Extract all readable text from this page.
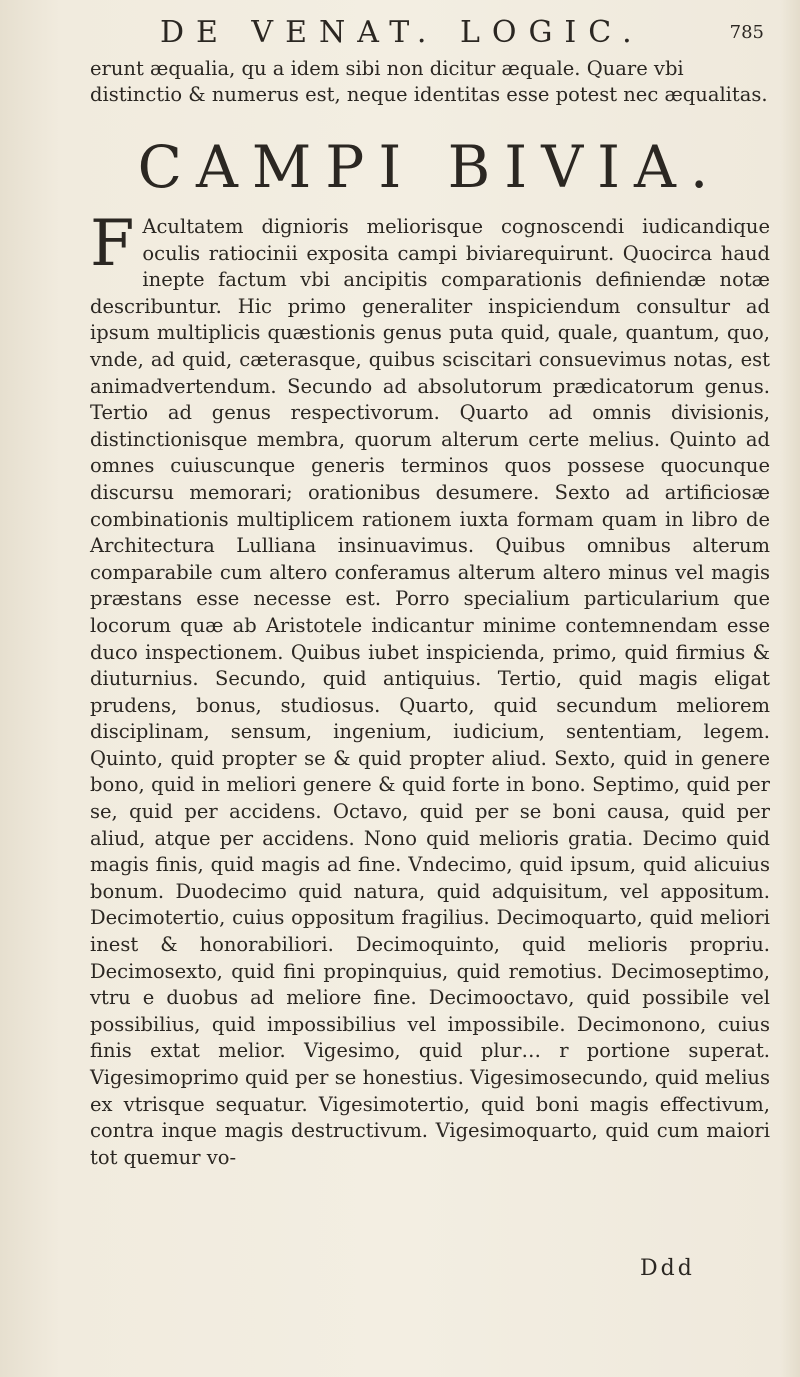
DE VENAT. LOGIC.	785

erunt æqualia, qu a idem sibi non dicitur æquale. Quare vbi distinctio & numerus est, neque identitas esse potest nec æqualitas.

CAMPI BIVIA.

F Acultatem dignioris meliorisque cognoscendi iudicandique oculis ratiocinii exposita campi biviarequirunt. Quocirca haud inepte factum vbi ancipitis comparationis definiendæ notæ describuntur. Hic primo generaliter inspiciendum consultur ad ipsum multiplicis quæstionis genus puta quid, quale, quantum, quo, vnde, ad quid, cæterasque, quibus sciscitari consuevimus notas, est animadvertendum. Secundo ad absolutorum prædicatorum genus. Tertio ad genus respectivorum. Quarto ad omnis divisionis, distinctionisque membra, quorum alterum certe melius. Quinto ad omnes cuiuscunque generis terminos quos possese quocunque discursu memorari; orationibus desumere. Sexto ad artificiosæ combinationis multiplicem rationem iuxta formam quam in libro de Architectura Lulliana insinuavimus. Quibus omnibus alterum comparabile cum altero conferamus alterum altero minus vel magis præstans esse necesse est. Porro specialium particularium que locorum quæ ab Aristotele indicantur minime contemnendam esse duco inspectionem. Quibus iubet inspicienda, primo, quid firmius & diuturnius. Secundo, quid antiquius. Tertio, quid magis eligat prudens, bonus, studiosus. Quarto, quid secundum meliorem disciplinam, sensum, ingenium, iudicium, sententiam, legem. Quinto, quid propter se & quid propter aliud. Sexto, quid in genere bono, quid in meliori genere & quid forte in bono. Septimo, quid per se, quid per accidens. Octavo, quid per se boni causa, quid per aliud, atque per accidens. Nono quid melioris gratia. Decimo quid magis finis, quid magis ad fine. Vndecimo, quid ipsum, quid alicuius bonum. Duodecimo quid natura, quid adquisitum, vel appositum. Decimotertio, cuius oppositum fragilius. Decimoquarto, quid meliori inest & honorabiliori. Decimoquinto, quid melioris propriu. Decimosexto, quid fini propinquius, quid remotius. Decimoseptimo, vtru e duobus ad meliore fine. Decimooctavo, quid possibile vel possibilius, quid impossibilius vel impossibile. Decimonono, cuius finis extat melior. Vigesimo, quid plur… r portione superat. Vigesimoprimo quid per se honestius. Vigesimosecundo, quid melius ex vtrisque sequatur. Vigesimotertio, quid boni magis effectivum, contra inque magis destructivum. Vigesimoquarto, quid cum maiori tot quemur vo-

Ddd
